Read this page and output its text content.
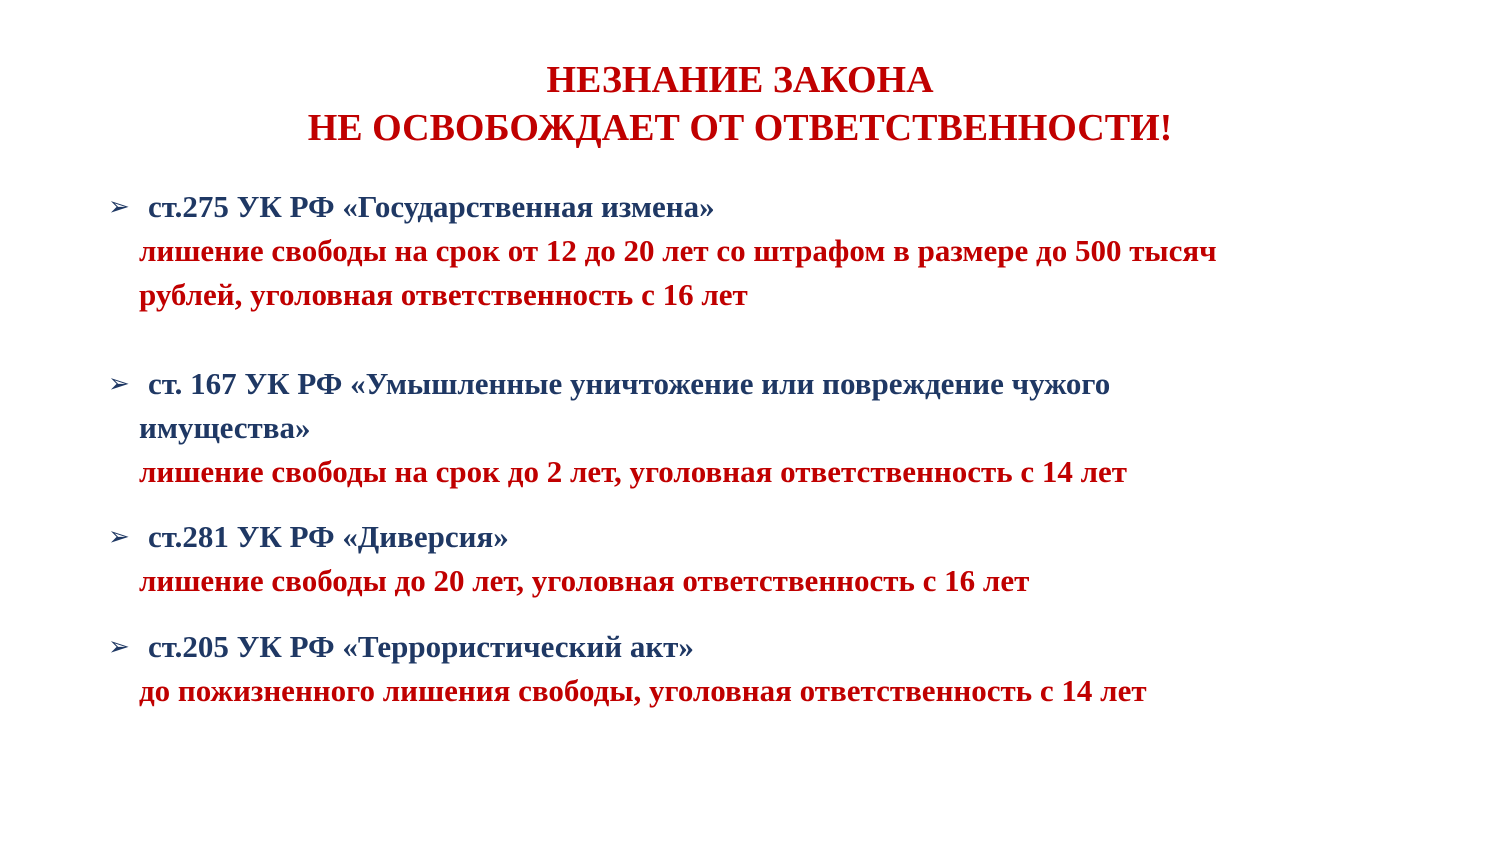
НЕЗНАНИЕ ЗАКОНА
НЕ ОСВОБОЖДАЕТ ОТ ОТВЕТСТВЕННОСТИ!
➢ ст.275 УК РФ «Государственная измена»
лишение свободы на срок от 12 до 20 лет со штрафом в размере до 500 тысяч
рублей, уголовная ответственность с 16 лет
➢ ст. 167 УК РФ «Умышленные уничтожение или повреждение чужого
имущества»
лишение свободы на срок до 2 лет, уголовная ответственность с 14 лет
➢ ст.281 УК РФ «Диверсия»
лишение свободы до 20 лет, уголовная ответственность с 16 лет
➢ ст.205 УК РФ «Террористический акт»
до пожизненного лишения свободы, уголовная ответственность с 14 лет
